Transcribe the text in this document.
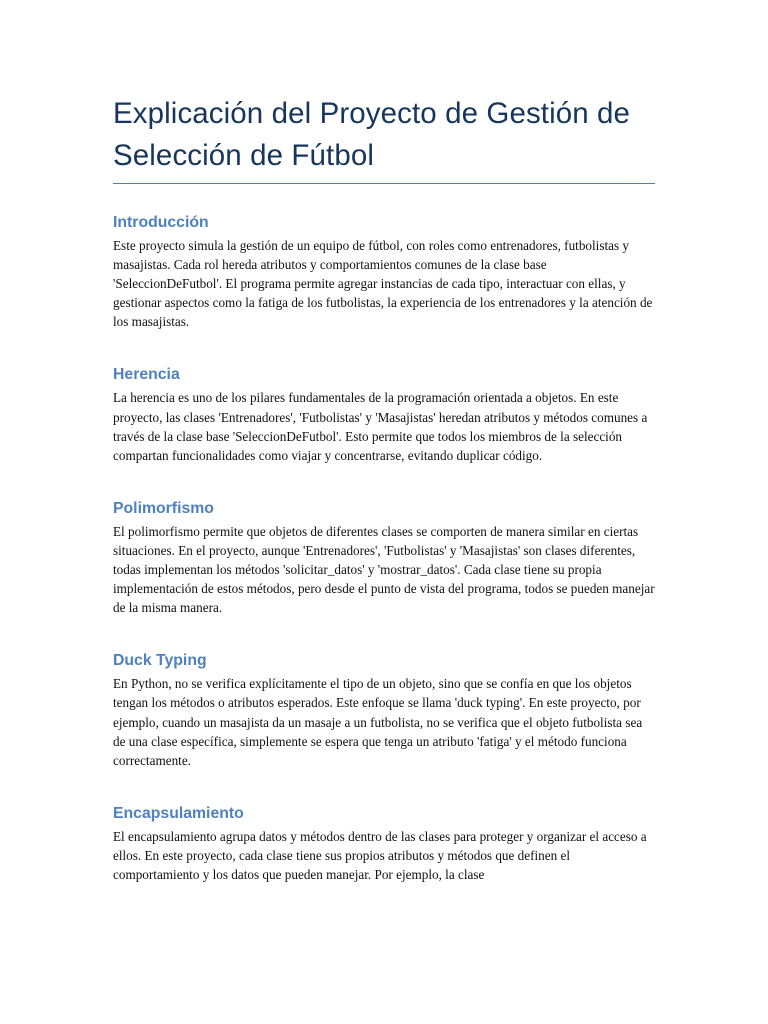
Explicación del Proyecto de Gestión de Selección de Fútbol
Introducción

Este proyecto simula la gestión de un equipo de fútbol, con roles como entrenadores, futbolistas y masajistas. Cada rol hereda atributos y comportamientos comunes de la clase base 'SeleccionDeFutbol'. El programa permite agregar instancias de cada tipo, interactuar con ellas, y gestionar aspectos como la fatiga de los futbolistas, la experiencia de los entrenadores y la atención de los masajistas.

Herencia

La herencia es uno de los pilares fundamentales de la programación orientada a objetos. En este proyecto, las clases 'Entrenadores', 'Futbolistas' y 'Masajistas' heredan atributos y métodos comunes a través de la clase base 'SeleccionDeFutbol'. Esto permite que todos los miembros de la selección compartan funcionalidades como viajar y concentrarse, evitando duplicar código.

Polimorfismo

El polimorfismo permite que objetos de diferentes clases se comporten de manera similar en ciertas situaciones. En el proyecto, aunque 'Entrenadores', 'Futbolistas' y 'Masajistas' son clases diferentes, todas implementan los métodos 'solicitar_datos' y 'mostrar_datos'. Cada clase tiene su propia implementación de estos métodos, pero desde el punto de vista del programa, todos se pueden manejar de la misma manera.

Duck Typing

En Python, no se verifica explícitamente el tipo de un objeto, sino que se confía en que los objetos tengan los métodos o atributos esperados. Este enfoque se llama 'duck typing'. En este proyecto, por ejemplo, cuando un masajista da un masaje a un futbolista, no se verifica que el objeto futbolista sea de una clase específica, simplemente se espera que tenga un atributo 'fatiga' y el método funciona correctamente.

Encapsulamiento

El encapsulamiento agrupa datos y métodos dentro de las clases para proteger y organizar el acceso a ellos. En este proyecto, cada clase tiene sus propios atributos y métodos que definen el comportamiento y los datos que pueden manejar. Por ejemplo, la clase
